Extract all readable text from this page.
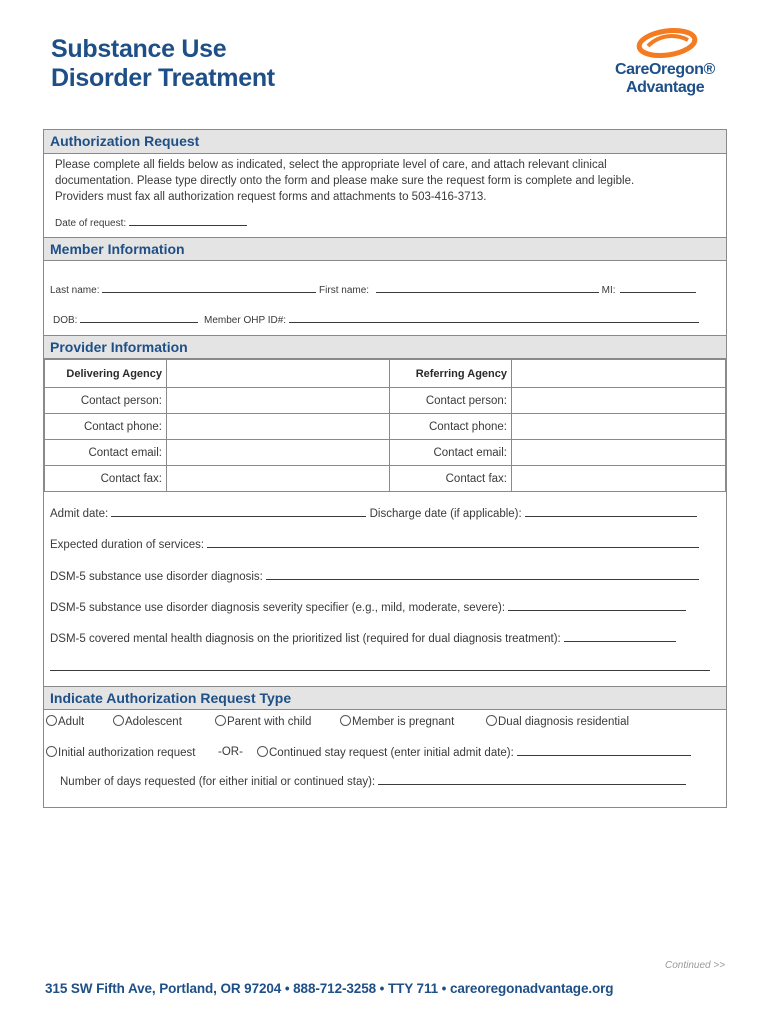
Substance Use
Disorder Treatment	CareOregon®
Advantage
Authorization Request
Please complete all fields below as indicated, select the appropriate level of care, and attach relevant clinical
documentation. Please type directly onto the form and please make sure the request form is complete and legible.
Providers must fax all authorization request forms and attachments to 503-416-3713.
Date of request:
Member Information
Last name:	First name:	MI:
DOB:	Member OHP ID#:
Provider Information
Delivering Agency		Referring Agency	
Contact person:		Contact person:	
Contact phone:		Contact phone:	
Contact email:		Contact email:	
Contact fax:		Contact fax:	
Admit date:	Discharge date (if applicable):
Expected duration of services:
DSM-5 substance use disorder diagnosis:
DSM-5 substance use disorder diagnosis severity specifier (e.g., mild, moderate, severe):
DSM-5 covered mental health diagnosis on the prioritized list (required for dual diagnosis treatment):
Indicate Authorization Request Type
Adult	Adolescent	Parent with child	Member is pregnant	Dual diagnosis residential
Initial authorization request -OR-	Continued stay request (enter initial admit date):
Number of days requested (for either initial or continued stay):
Continued >>
315 SW Fifth Ave, Portland, OR 97204 • 888-712-3258 • TTY 711 • careoregonadvantage.org
